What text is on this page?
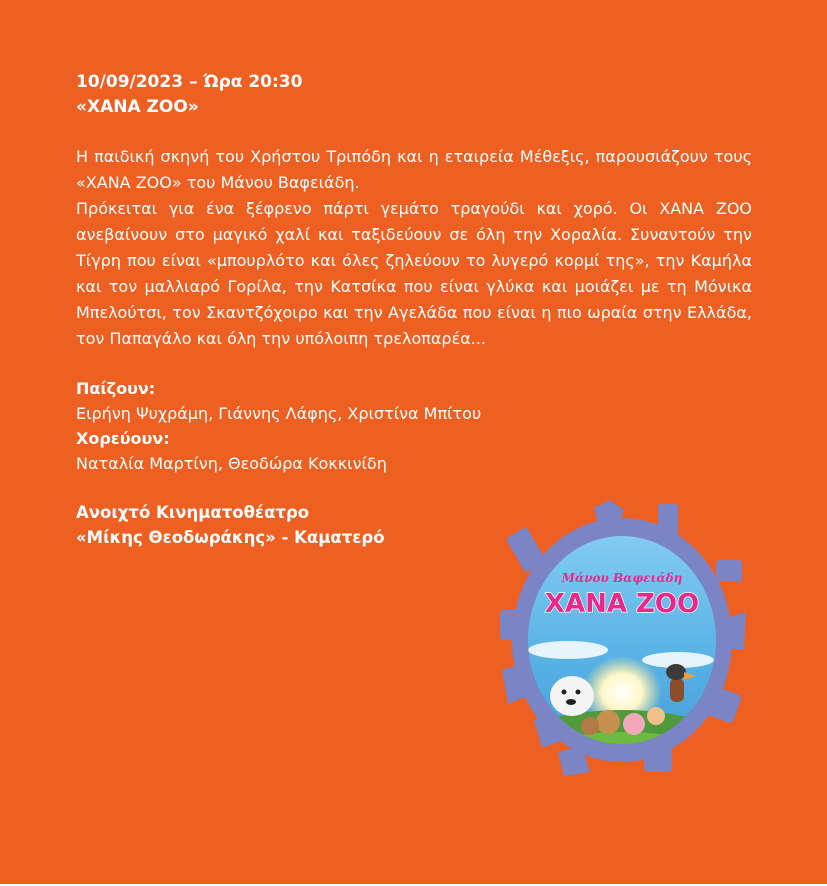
10/09/2023 – Ώρα 20:30
«ΧΑΝΑ ΖΟΟ»

Η παιδική σκηνή του Χρήστου Τριπόδη και η εταιρεία Μέθεξις, παρουσιάζουν τους «ΧΑΝΑ ΖΟΟ» του Μάνου Βαφειάδη.

Πρόκειται για ένα ξέφρενο πάρτι γεμάτο τραγούδι και χορό. Οι ΧΑΝΑ ΖΟΟ ανεβαίνουν στο μαγικό χαλί και ταξιδεύουν σε όλη την Χοραλία. Συναντούν την Τίγρη που είναι «μπουρλότο και όλες ζηλεύουν το λυγερό κορμί της», την Καμήλα και τον μαλλιαρό Γορίλα, την Κατσίκα που είναι γλύκα και μοιάζει με τη Μόνικα Μπελούτσι, τον Σκαντζόχοιρο και την Αγελάδα που είναι η πιο ωραία στην Ελλάδα, τον Παπαγάλο και όλη την υπόλοιπη τρελοπαρέα...

Παίζουν:
Ειρήνη Ψυχράμη, Γιάννης Λάφης, Χριστίνα Μπίτου
Χορεύουν:
Ναταλία Μαρτίνη, Θεοδώρα Κοκκινίδη
Ανοιχτό Κινηματοθέατρο
«Μίκης Θεοδωράκης» - Καματερό
Μάνου Βαφειάδη
ΧΑΝΑ ΖΟΟ
